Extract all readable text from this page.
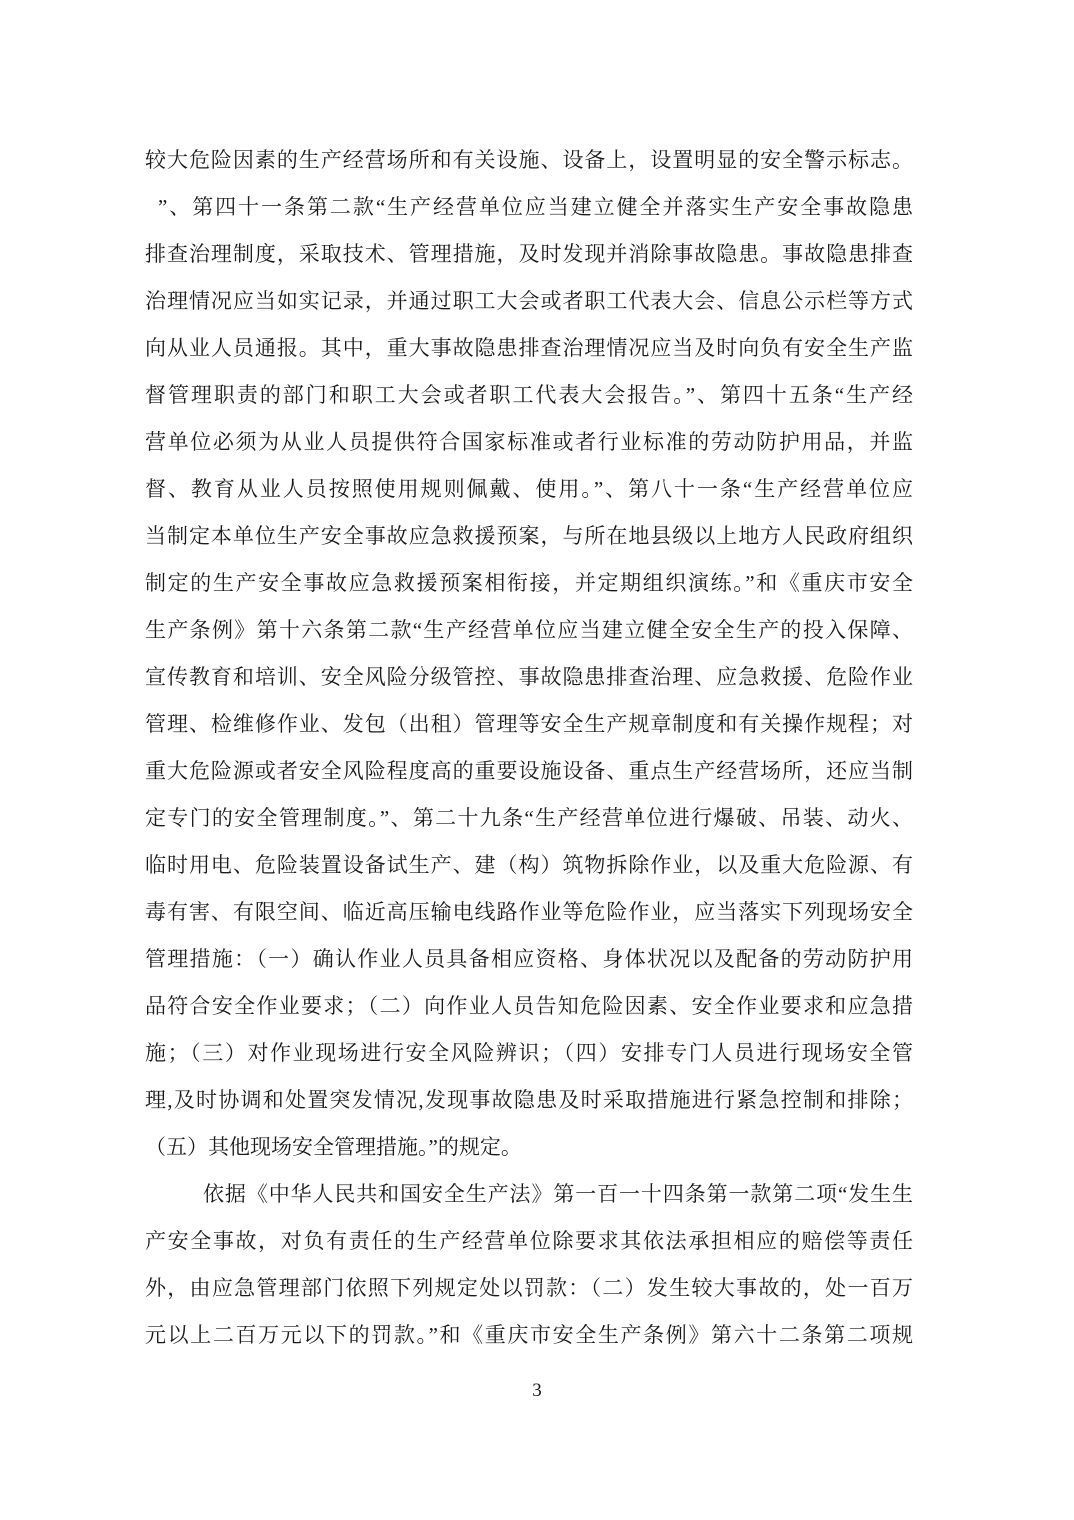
较大危险因素的生产经营场所和有关设施、设备上，设置明显的安全警示标志。
”、第四十一条第二款“生产经营单位应当建立健全并落实生产安全事故隐患
排查治理制度，采取技术、管理措施，及时发现并消除事故隐患。事故隐患排查
治理情况应当如实记录，并通过职工大会或者职工代表大会、信息公示栏等方式
向从业人员通报。其中，重大事故隐患排查治理情况应当及时向负有安全生产监
督管理职责的部门和职工大会或者职工代表大会报告。”、第四十五条“生产经
营单位必须为从业人员提供符合国家标准或者行业标准的劳动防护用品，并监
督、教育从业人员按照使用规则佩戴、使用。”、第八十一条“生产经营单位应
当制定本单位生产安全事故应急救援预案，与所在地县级以上地方人民政府组织
制定的生产安全事故应急救援预案相衔接，并定期组织演练。”和《重庆市安全
生产条例》第十六条第二款“生产经营单位应当建立健全安全生产的投入保障、
宣传教育和培训、安全风险分级管控、事故隐患排查治理、应急救援、危险作业
管理、检维修作业、发包（出租）管理等安全生产规章制度和有关操作规程；对
重大危险源或者安全风险程度高的重要设施设备、重点生产经营场所，还应当制
定专门的安全管理制度。”、第二十九条“生产经营单位进行爆破、吊装、动火、
临时用电、危险装置设备试生产、建（构）筑物拆除作业，以及重大危险源、有
毒有害、有限空间、临近高压输电线路作业等危险作业，应当落实下列现场安全
管理措施：（一）确认作业人员具备相应资格、身体状况以及配备的劳动防护用
品符合安全作业要求；（二）向作业人员告知危险因素、安全作业要求和应急措
施；（三）对作业现场进行安全风险辨识；（四）安排专门人员进行现场安全管
理,及时协调和处置突发情况,发现事故隐患及时采取措施进行紧急控制和排除；
（五）其他现场安全管理措施。”的规定。
依据《中华人民共和国安全生产法》第一百一十四条第一款第二项“发生生
产安全事故，对负有责任的生产经营单位除要求其依法承担相应的赔偿等责任
外，由应急管理部门依照下列规定处以罚款：（二）发生较大事故的，处一百万
元以上二百万元以下的罚款。”和《重庆市安全生产条例》第六十二条第二项规
3
